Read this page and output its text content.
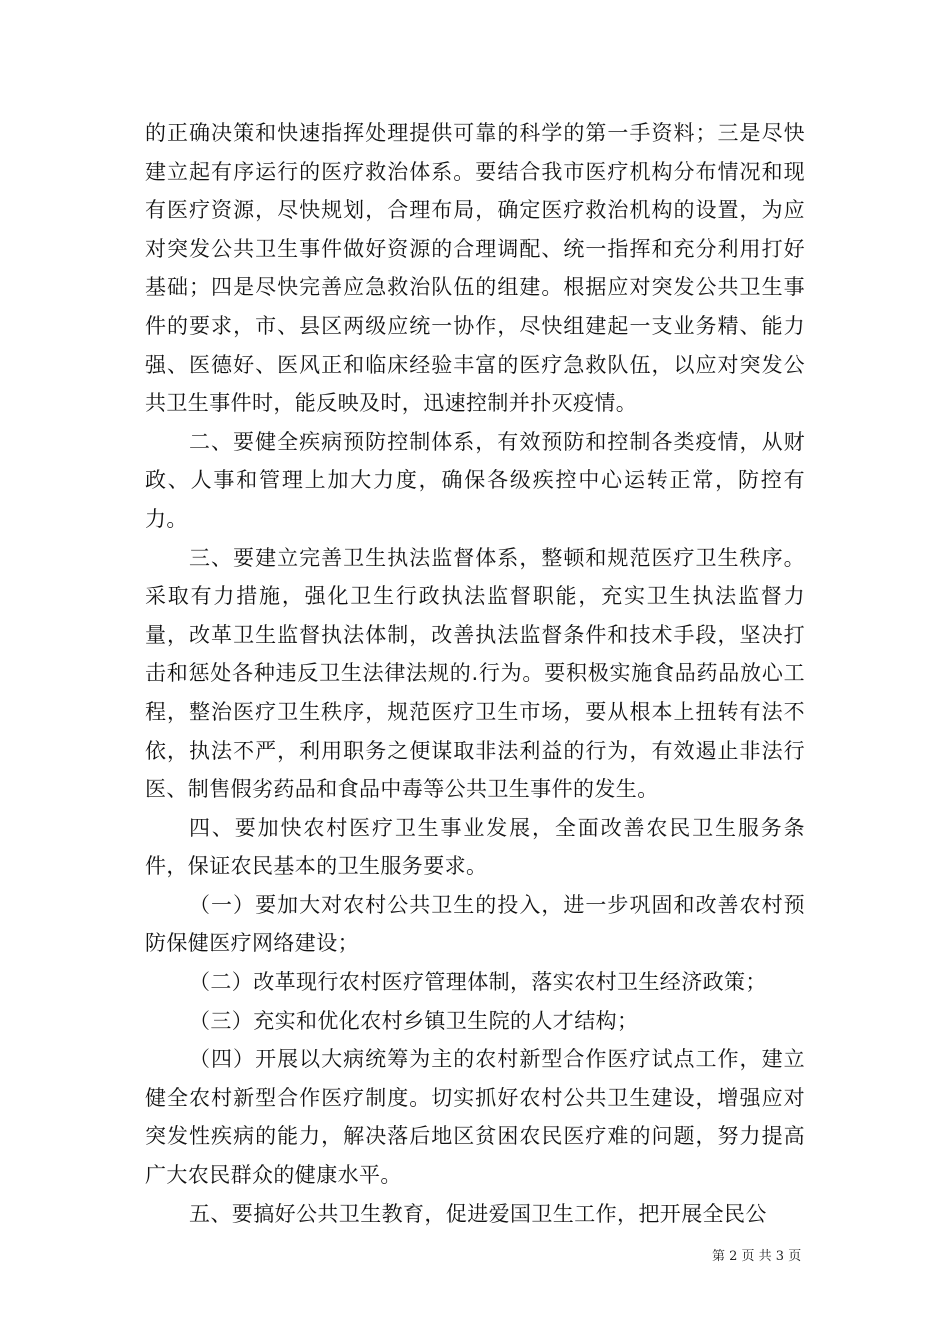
的正确决策和快速指挥处理提供可靠的科学的第一手资料；三是尽快建立起有序运行的医疗救治体系。要结合我市医疗机构分布情况和现有医疗资源，尽快规划，合理布局，确定医疗救治机构的设置，为应对突发公共卫生事件做好资源的合理调配、统一指挥和充分利用打好基础；四是尽快完善应急救治队伍的组建。根据应对突发公共卫生事件的要求，市、县区两级应统一协作，尽快组建起一支业务精、能力强、医德好、医风正和临床经验丰富的医疗急救队伍，以应对突发公共卫生事件时，能反映及时，迅速控制并扑灭疫情。

二、要健全疾病预防控制体系，有效预防和控制各类疫情，从财政、人事和管理上加大力度，确保各级疾控中心运转正常，防控有力。

三、要建立完善卫生执法监督体系，整顿和规范医疗卫生秩序。采取有力措施，强化卫生行政执法监督职能，充实卫生执法监督力量，改革卫生监督执法体制，改善执法监督条件和技术手段，坚决打击和惩处各种违反卫生法律法规的.行为。要积极实施食品药品放心工程，整治医疗卫生秩序，规范医疗卫生市场，要从根本上扭转有法不依，执法不严，利用职务之便谋取非法利益的行为，有效遏止非法行医、制售假劣药品和食品中毒等公共卫生事件的发生。

四、要加快农村医疗卫生事业发展，全面改善农民卫生服务条件，保证农民基本的卫生服务要求。

（一）要加大对农村公共卫生的投入，进一步巩固和改善农村预防保健医疗网络建设；

（二）改革现行农村医疗管理体制，落实农村卫生经济政策；

（三）充实和优化农村乡镇卫生院的人才结构；

（四）开展以大病统筹为主的农村新型合作医疗试点工作，建立健全农村新型合作医疗制度。切实抓好农村公共卫生建设，增强应对突发性疾病的能力，解决落后地区贫困农民医疗难的问题，努力提高广大农民群众的健康水平。

五、要搞好公共卫生教育，促进爱国卫生工作，把开展全民公

第 2 页 共 3 页
